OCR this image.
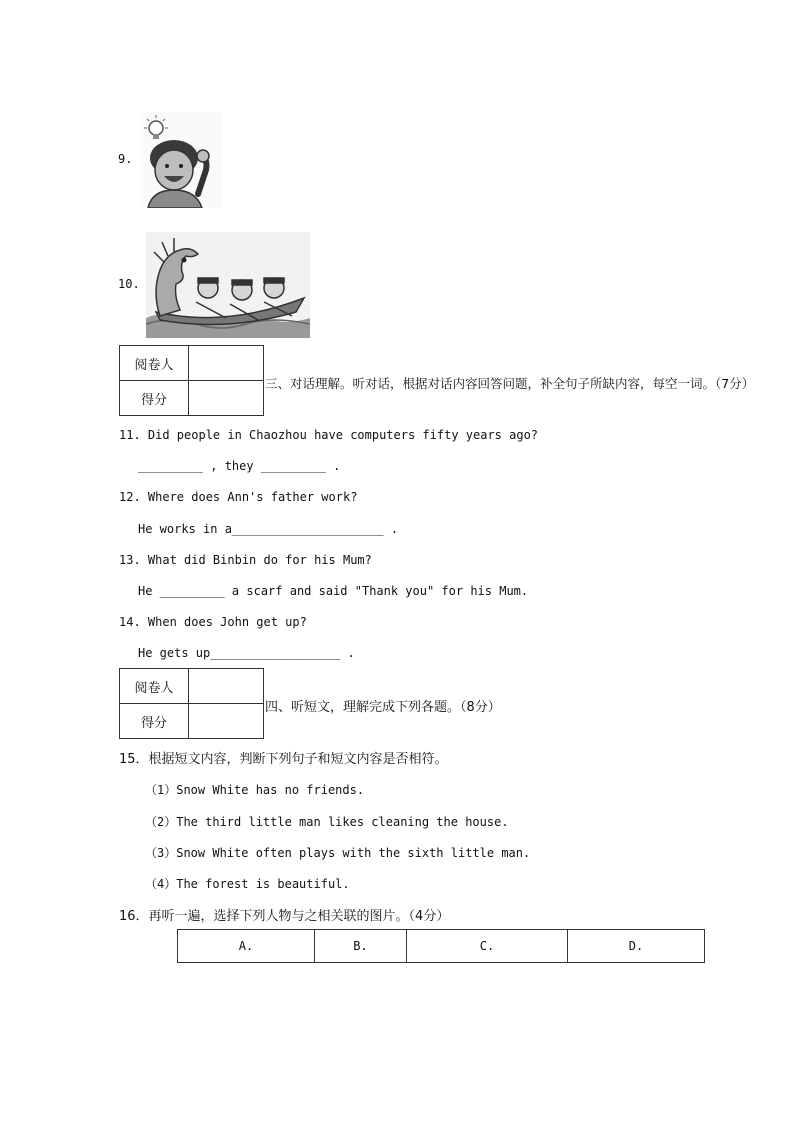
9.
10.
阅卷人	
得分	
三、对话理解。听对话，根据对话内容回答问题，补全句子所缺内容，每空一词。（7分）
11. Did people in Chaozhou have computers fifty years ago?
_________ , they _________ .
12. Where does Ann's father work?
He works in a_____________________ .
13. What did Binbin do for his Mum?
He _________ a scarf and said "Thank you" for his Mum.
14. When does John get up?
He gets up__________________ .
阅卷人	
得分	
四、听短文，理解完成下列各题。（8分）
15．根据短文内容，判断下列句子和短文内容是否相符。
（1）Snow White has no friends.
（2）The third little man likes cleaning the house.
（3）Snow White often plays with the sixth little man.
（4）The forest is beautiful.
16．再听一遍，选择下列人物与之相关联的图片。（4分）
A.	B.	C.	D.
